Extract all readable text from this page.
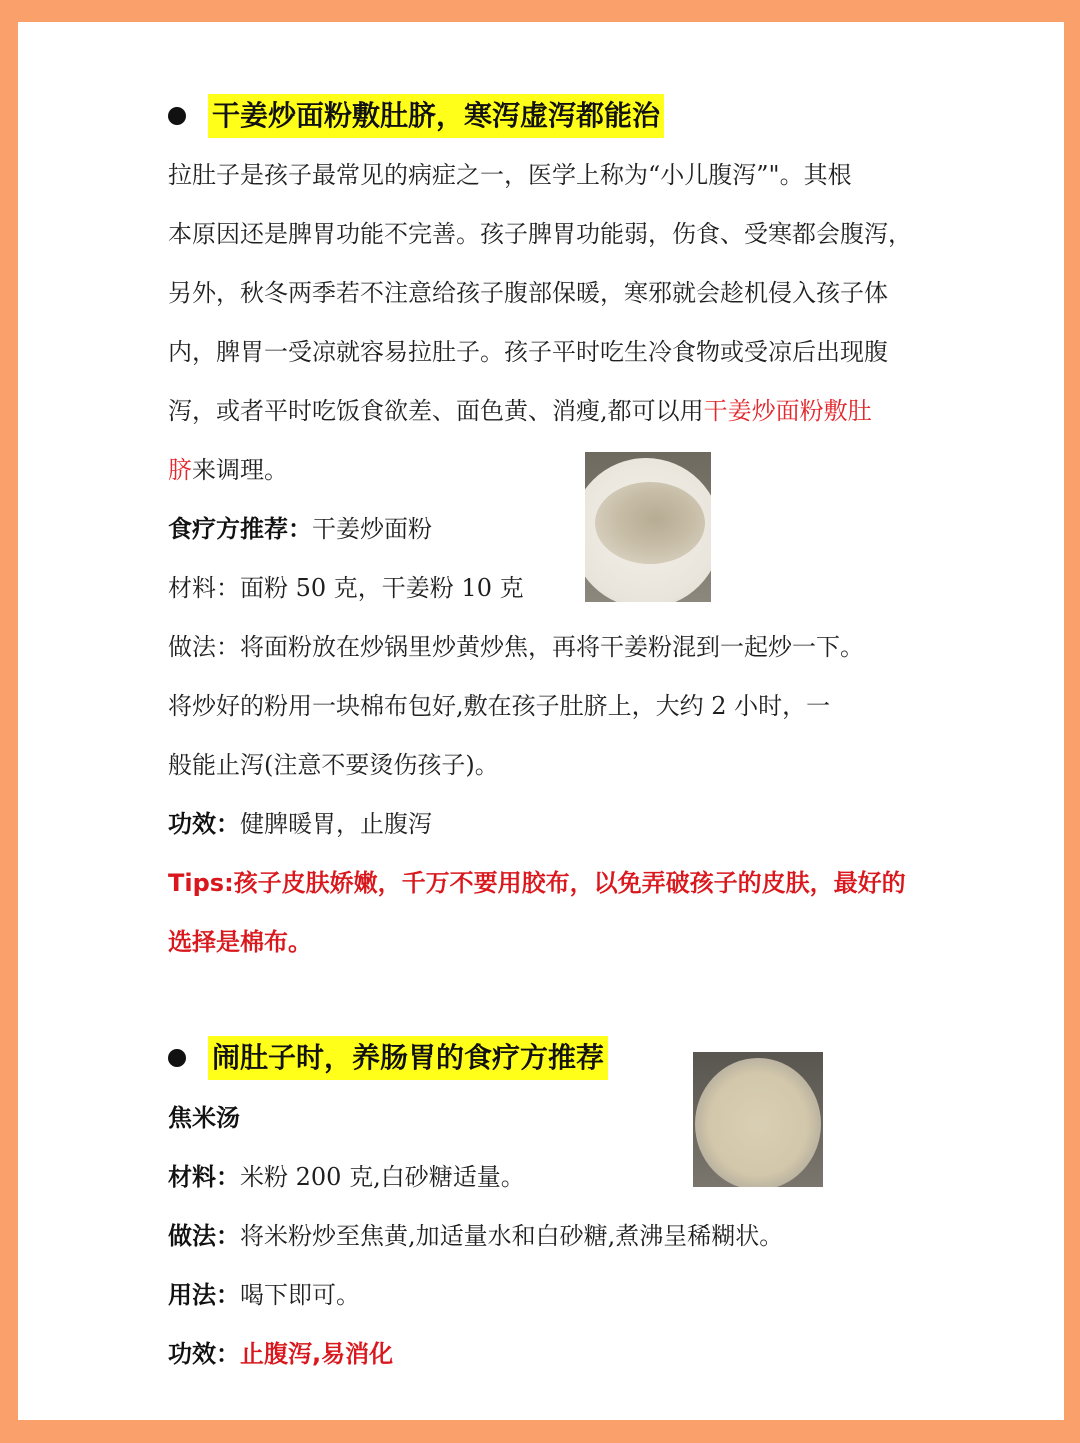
干姜炒面粉敷肚脐，寒泻虚泻都能治
拉肚子是孩子最常见的病症之一，医学上称为“小儿腹泻”"。其根
本原因还是脾胃功能不完善。孩子脾胃功能弱，伤食、受寒都会腹泻，
另外，秋冬两季若不注意给孩子腹部保暖，寒邪就会趁机侵入孩子体
内，脾胃一受凉就容易拉肚子。孩子平时吃生冷食物或受凉后出现腹
泻，或者平时吃饭食欲差、面色黄、消瘦,都可以用干姜炒面粉敷肚
脐来调理。
食疗方推荐：干姜炒面粉
材料：面粉 50 克，干姜粉 10 克
做法：将面粉放在炒锅里炒黄炒焦，再将干姜粉混到一起炒一下。
将炒好的粉用一块棉布包好,敷在孩子肚脐上，大约 2 小时，一
般能止泻(注意不要烫伤孩子)。
功效：健脾暖胃，止腹泻
Tips:孩子皮肤娇嫩，千万不要用胶布，以免弄破孩子的皮肤，最好的
选择是棉布。
闹肚子时，养肠胃的食疗方推荐
焦米汤
材料：米粉 200 克,白砂糖适量。
做法：将米粉炒至焦黄,加适量水和白砂糖,煮沸呈稀糊状。
用法：喝下即可。
功效：止腹泻,易消化
